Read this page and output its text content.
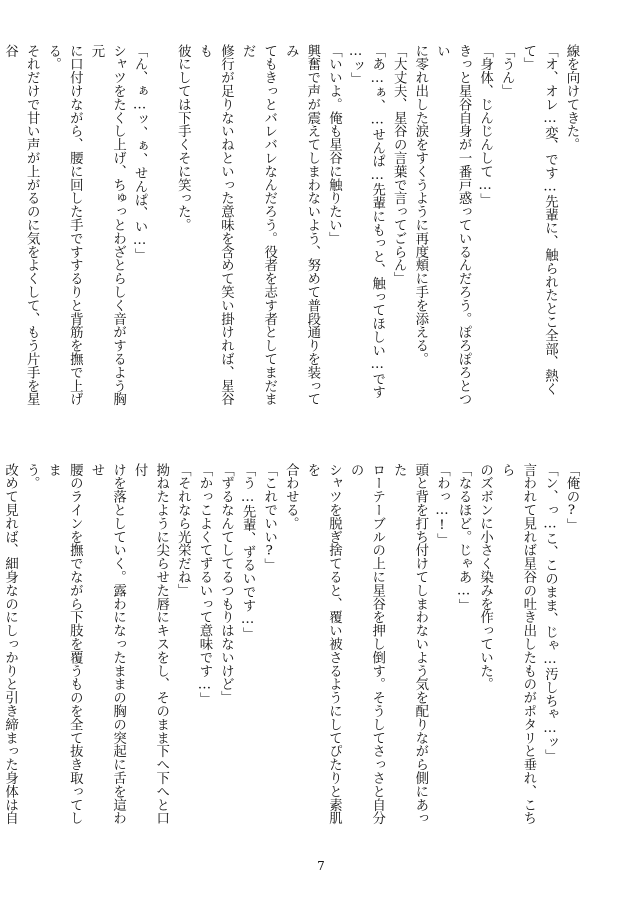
線を向けてきた。
「オ、オレ…変、です…先輩に、触られたとこ全部、熱くて」
「うん」
「身体、じんじんして…」
きっと星谷自身が一番戸惑っているんだろう。ぽろぽろとつい
に零れ出した涙をすくうように再度頬に手を添える。
「大丈夫、星谷の言葉で言ってごらん」
「あ…ぁ、…せんぱ…先輩にもっと、触ってほしい…です
…ッ」
「いいよ。俺も星谷に触りたい」
興奮で声が震えてしまわないよう、努めて普段通りを装ってみ
てもきっとバレバレなんだろう。役者を志す者としてまだまだ
修行が足りないねといった意味を含めて笑い掛ければ、星谷も
彼にしては下手くそに笑った。

「ん、ぁ…ッ、ぁ、せんぱ、い…」
シャツをたくし上げ、ちゅっとわざとらしく音がするよう胸元
に口付けながら、腰に回した手ですするりと背筋を撫で上げる。
それだけで甘い声が上がるのに気をよくして、もう片手を星谷

「俺の?」
「ン、っ…こ、このまま、じゃ…汚しちゃ…ッ」
言われて見れば星谷の吐き出したものがポタリと垂れ、こちら
のズボンに小さく染みを作っていた。
「なるほど。じゃあ…」
「わっ…!」
頭と背を打ち付けてしまわないよう気を配りながら側にあった
ローテーブルの上に星谷を押し倒す。そうしてさっさと自分の
シャツを脱ぎ捨てると、覆い被さるようにしてぴたりと素肌を
合わせる。
「これでいい?」
「う…先輩、ずるいです…」
「ずるなんてしてるつもりはないけど」
「かっこよくてずるいって意味です…」
「それなら光栄だね」
拗ねたように尖らせた唇にキスをし、そのまま下へ下へと口付
けを落としていく。露わになったままの胸の突起に舌を這わせ
腰のラインを撫でながら下肢を覆うものを全て抜き取ってしま
う。
改めて見れば、細身なのにしっかりと引き締まった身体は自

7
